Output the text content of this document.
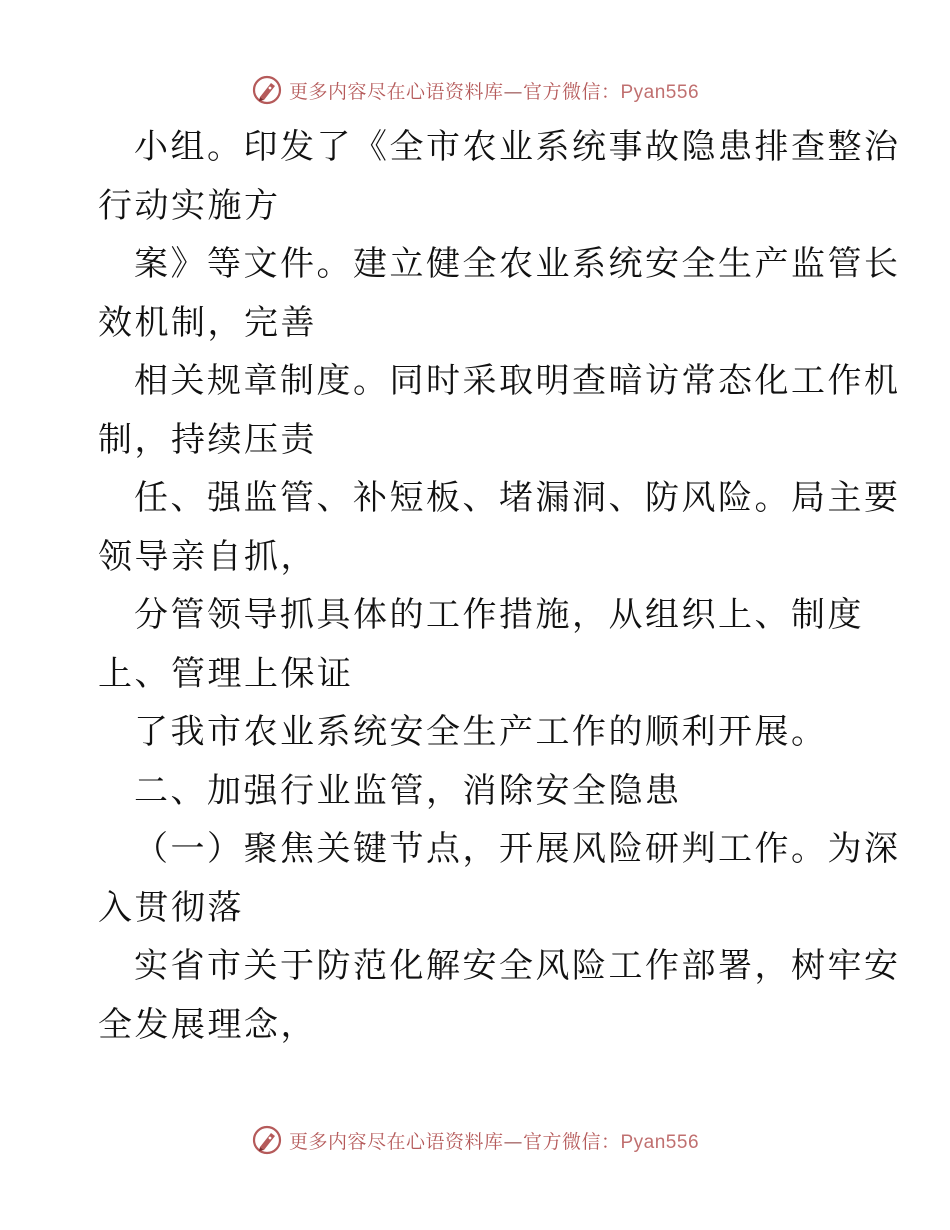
更多内容尽在心语资料库—官方微信：Pyan556
小组。印发了《全市农业系统事故隐患排查整治
行动实施方
案》等文件。建立健全农业系统安全生产监管长
效机制，完善
相关规章制度。同时采取明查暗访常态化工作机
制，持续压责
任、强监管、补短板、堵漏洞、防风险。局主要
领导亲自抓，
分管领导抓具体的工作措施，从组织上、制度
上、管理上保证
了我市农业系统安全生产工作的顺利开展。
二、加强行业监管，消除安全隐患
（一）聚焦关键节点，开展风险研判工作。为深
入贯彻落
实省市关于防范化解安全风险工作部署，树牢安
全发展理念，
更多内容尽在心语资料库—官方微信：Pyan556
